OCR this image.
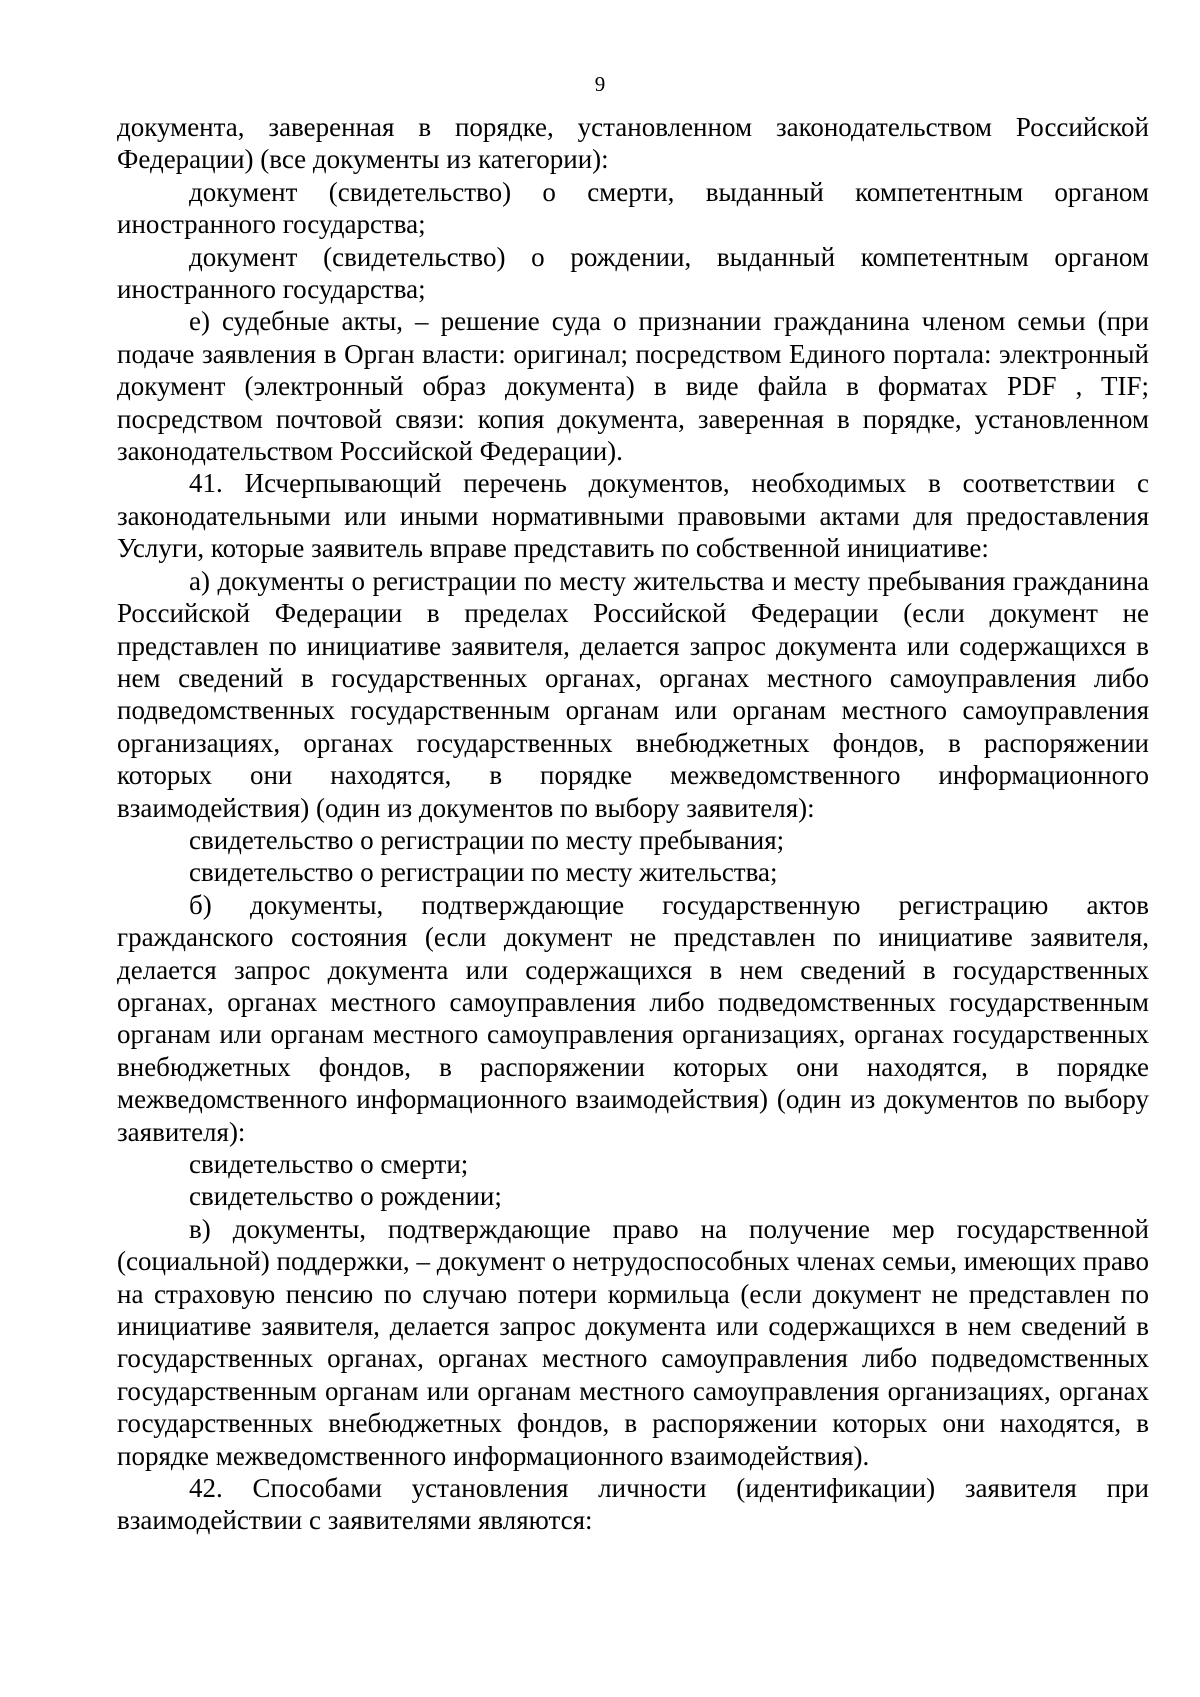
9

документа, заверенная в порядке, установленном законодательством Российской Федерации) (все документы из категории):

документ (свидетельство) о смерти, выданный компетентным органом иностранного государства;

документ (свидетельство) о рождении, выданный компетентным органом иностранного государства;

е) судебные акты, – решение суда о признании гражданина членом семьи (при подаче заявления в Орган власти: оригинал; посредством Единого портала: электронный документ (электронный образ документа) в виде файла в форматах PDF , TIF; посредством почтовой связи: копия документа, заверенная в порядке, установленном законодательством Российской Федерации).

41. Исчерпывающий перечень документов, необходимых в соответствии с законодательными или иными нормативными правовыми актами для предоставления Услуги, которые заявитель вправе представить по собственной инициативе:

а) документы о регистрации по месту жительства и месту пребывания гражданина Российской Федерации в пределах Российской Федерации (если документ не представлен по инициативе заявителя, делается запрос документа или содержащихся в нем сведений в государственных органах, органах местного самоуправления либо подведомственных государственным органам или органам местного самоуправления организациях, органах государственных внебюджетных фондов, в распоряжении которых они находятся, в порядке межведомственного информационного взаимодействия) (один из документов по выбору заявителя):

свидетельство о регистрации по месту пребывания;

свидетельство о регистрации по месту жительства;

б) документы, подтверждающие государственную регистрацию актов гражданского состояния (если документ не представлен по инициативе заявителя, делается запрос документа или содержащихся в нем сведений в государственных органах, органах местного самоуправления либо подведомственных государственным органам или органам местного самоуправления организациях, органах государственных внебюджетных фондов, в распоряжении которых они находятся, в порядке межведомственного информационного взаимодействия) (один из документов по выбору заявителя):

свидетельство о смерти;

свидетельство о рождении;

в) документы, подтверждающие право на получение мер государственной (социальной) поддержки, – документ о нетрудоспособных членах семьи, имеющих право на страховую пенсию по случаю потери кормильца (если документ не представлен по инициативе заявителя, делается запрос документа или содержащихся в нем сведений в государственных органах, органах местного самоуправления либо подведомственных государственным органам или органам местного самоуправления организациях, органах государственных внебюджетных фондов, в распоряжении которых они находятся, в порядке межведомственного информационного взаимодействия).

42. Способами установления личности (идентификации) заявителя при взаимодействии с заявителями являются:
